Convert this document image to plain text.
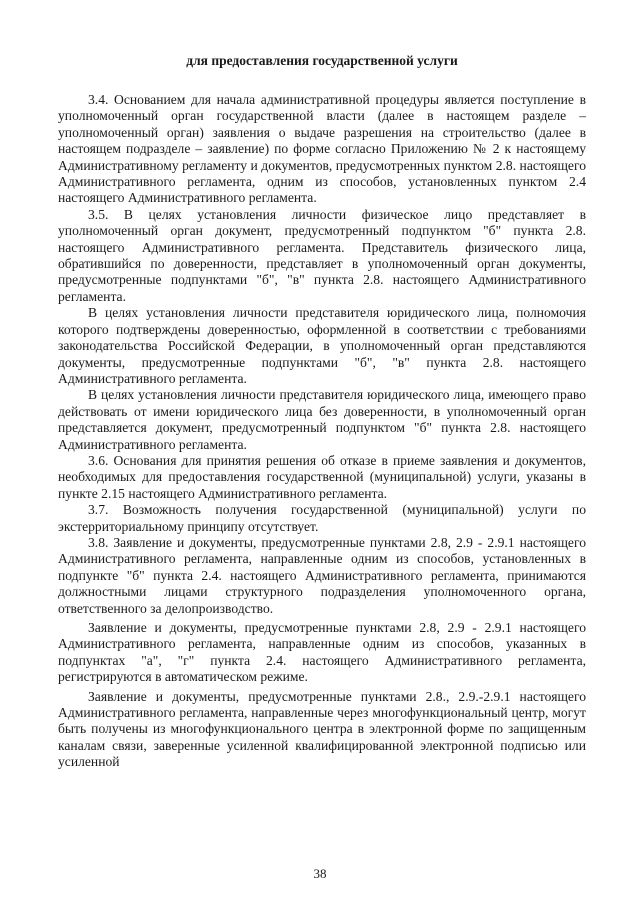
для предоставления государственной услуги

3.4. Основанием для начала административной процедуры является поступление в уполномоченный орган государственной власти (далее в настоящем разделе – уполномоченный орган) заявления о выдаче разрешения на строительство (далее в настоящем подразделе – заявление) по форме согласно Приложению № 2 к настоящему Административному регламенту и документов, предусмотренных пунктом 2.8. настоящего Административного регламента, одним из способов, установленных пунктом 2.4 настоящего Административного регламента.

3.5. В целях установления личности физическое лицо представляет в уполномоченный орган документ, предусмотренный подпунктом "б" пункта 2.8. настоящего Административного регламента. Представитель физического лица, обратившийся по доверенности, представляет в уполномоченный орган документы, предусмотренные подпунктами "б", "в" пункта 2.8. настоящего Административного регламента.

В целях установления личности представителя юридического лица, полномочия которого подтверждены доверенностью, оформленной в соответствии с требованиями законодательства Российской Федерации, в уполномоченный орган представляются документы, предусмотренные подпунктами "б", "в" пункта 2.8. настоящего Административного регламента.

В целях установления личности представителя юридического лица, имеющего право действовать от имени юридического лица без доверенности, в уполномоченный орган представляется документ, предусмотренный подпунктом "б" пункта 2.8. настоящего Административного регламента.

3.6. Основания для принятия решения об отказе в приеме заявления и документов, необходимых для предоставления государственной (муниципальной) услуги, указаны в пункте 2.15 настоящего Административного регламента.

3.7. Возможность получения государственной (муниципальной) услуги по экстерриториальному принципу отсутствует.

3.8. Заявление и документы, предусмотренные пунктами 2.8, 2.9 - 2.9.1 настоящего Административного регламента, направленные одним из способов, установленных в подпункте "б" пункта 2.4. настоящего Административного регламента, принимаются должностными лицами структурного подразделения уполномоченного органа, ответственного за делопроизводство.

Заявление и документы, предусмотренные пунктами 2.8, 2.9 - 2.9.1 настоящего Административного регламента, направленные одним из способов, указанных в подпунктах "а", "г" пункта 2.4. настоящего Административного регламента, регистрируются в автоматическом режиме.

Заявление и документы, предусмотренные пунктами 2.8., 2.9.-2.9.1 настоящего Административного регламента, направленные через многофункциональный центр, могут быть получены из многофункционального центра в электронной форме по защищенным каналам связи, заверенные усиленной квалифицированной электронной подписью или усиленной

38
